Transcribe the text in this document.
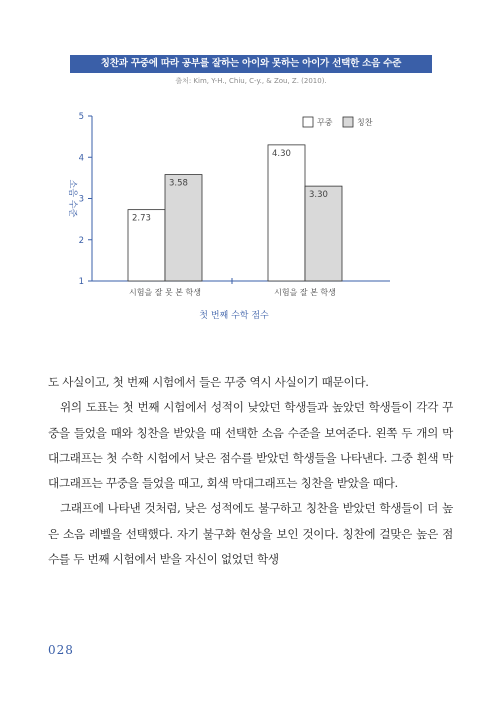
칭찬과 꾸중에 따라 공부를 잘하는 아이와 못하는 아이가 선택한 소음 수준
출처: Kim, Y-H., Chiu, C-y., & Zou, Z. (2010).
1
2
3
4
5
소음 수준
2.73
3.58
시험을 잘 못 본 학생
4.30
3.30
시험을 잘 본 학생
첫 번째 수학 점수
꾸중	칭찬

도 사실이고, 첫 번째 시험에서 들은 꾸중 역시 사실이기 때문이다.

위의 도표는 첫 번째 시험에서 성적이 낮았던 학생들과 높았던 학생들이 각각 꾸중을 들었을 때와 칭찬을 받았을 때 선택한 소음 수준을 보여준다. 왼쪽 두 개의 막대그래프는 첫 수학 시험에서 낮은 점수를 받았던 학생들을 나타낸다. 그중 흰색 막대그래프는 꾸중을 들었을 때고, 회색 막대그래프는 칭찬을 받았을 때다.

그래프에 나타낸 것처럼, 낮은 성적에도 불구하고 칭찬을 받았던 학생들이 더 높은 소음 레벨을 선택했다. 자기 불구화 현상을 보인 것이다. 칭찬에 걸맞은 높은 점수를 두 번째 시험에서 받을 자신이 없었던 학생

028
